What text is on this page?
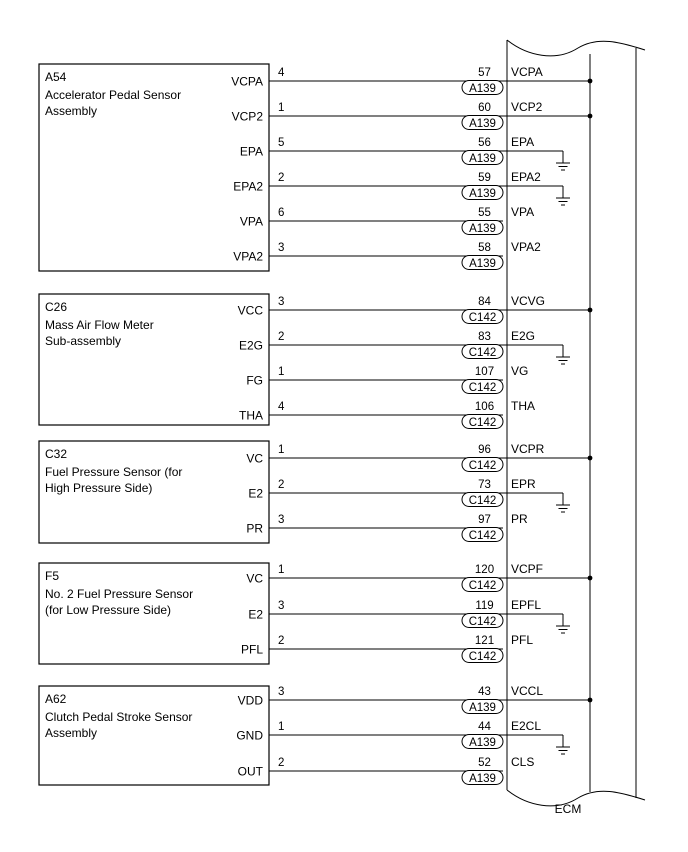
A54
Accelerator Pedal Sensor
Assembly
VCPA
4	57
A139
VCPA
VCP2
1	60
A139
VCP2
EPA
5	56
A139
EPA
EPA2
2	59
A139
EPA2
VPA
6	55
A139
VPA
VPA2
3	58
A139
VPA2
C26
Mass Air Flow Meter
Sub-assembly
VCC
3	84
C142
VCVG
E2G
2	83
C142
E2G
FG
1	107
C142
VG
THA
4	106
C142
THA
C32
Fuel Pressure Sensor (for
High Pressure Side)
VC
1	96
C142
VCPR
E2
2	73
C142
EPR
PR
3	97
C142
PR
F5
No. 2 Fuel Pressure Sensor
(for Low Pressure Side)
VC
1	120
C142
VCPF
E2
3	119
C142
EPFL
PFL
2	121
C142
PFL
A62
Clutch Pedal Stroke Sensor
Assembly
VDD
3	43
A139
VCCL
GND
1	44
A139
E2CL
OUT
2	52
A139
CLS
ECM
